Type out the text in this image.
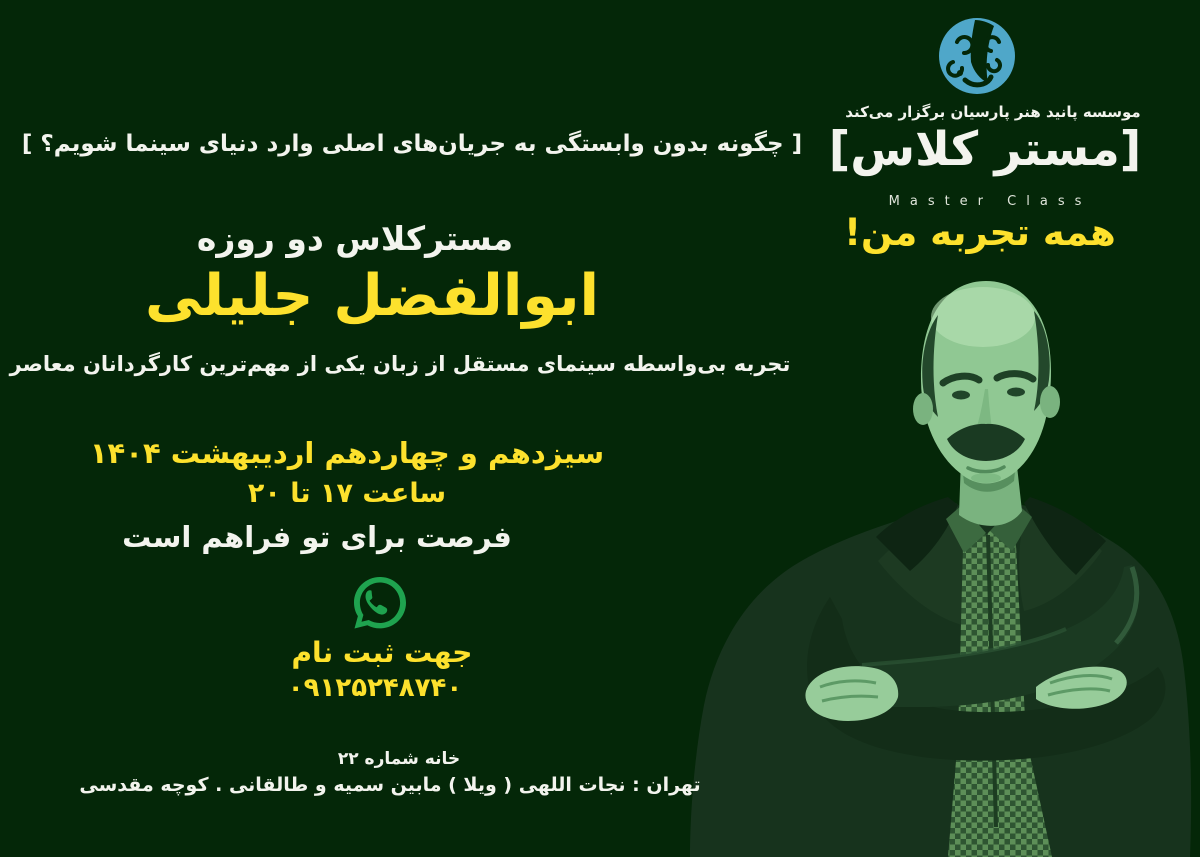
موسسه پانید هنر پارسیان برگزار می‌کند
[مستر کلاس]
Master Class
همه تجربه من!
[ چگونه بدون وابستگی به جریان‌های اصلی وارد دنیای سینما شویم؟ ]
مسترکلاس دو روزه
ابوالفضل جلیلی
تجربه بی‌واسطه سینمای مستقل از زبان یکی از مهم‌ترین کارگردانان معاصر
سیزدهم و چهاردهم اردیبهشت ۱۴۰۴
ساعت ۱۷ تا ۲۰
فرصت برای تو فراهم است
جهت ثبت نام
۰۹۱۲۵۲۴۸۷۴۰
خانه شماره ۲۲
تهران : نجات اللهی ( ویلا ) مابین سمیه و طالقانی . کوچه مقدسی
